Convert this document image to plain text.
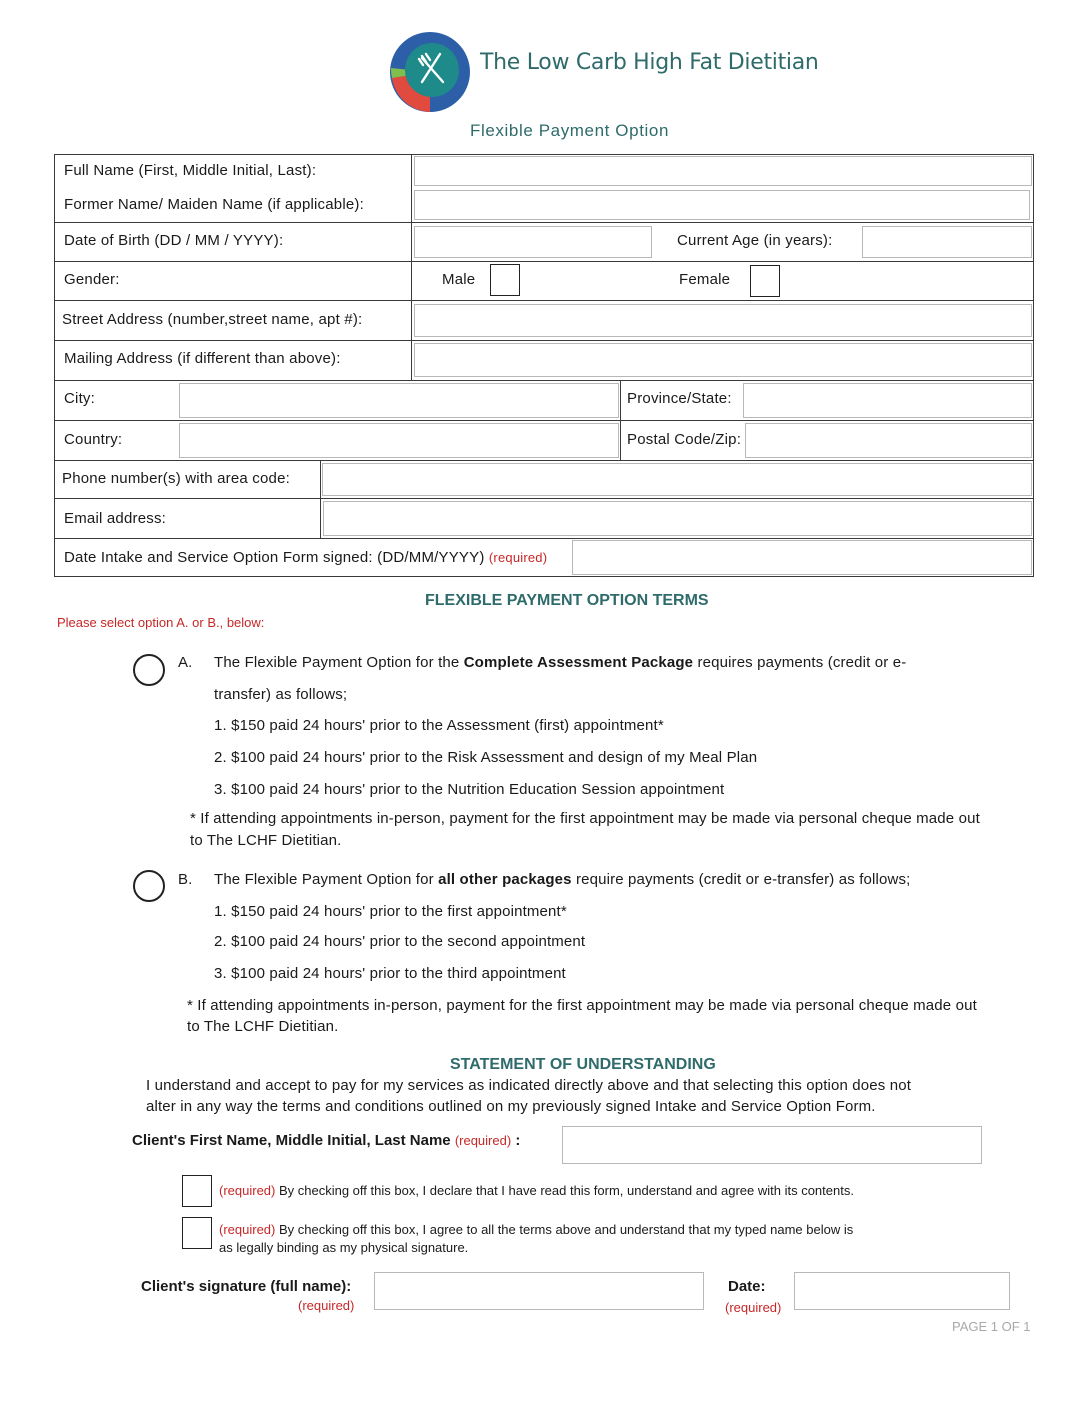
The Low Carb High Fat Dietitian
Flexible Payment Option
Full Name (First, Middle Initial, Last):
Former Name/ Maiden Name (if applicable):
Date of Birth (DD / MM / YYYY):	Current Age (in years):
Gender:	Male	Female
Street Address (number,street name, apt #):
Mailing Address (if different than above):
City:	Province/State:
Country:	Postal Code/Zip:
Phone number(s) with area code:
Email address:
Date Intake and Service Option Form signed: (DD/MM/YYYY) (required)
FLEXIBLE PAYMENT OPTION TERMS
Please select option A. or B., below:
A. The Flexible Payment Option for the Complete Assessment Package requires payments (credit or e-
transfer) as follows;
1. $150 paid 24 hours' prior to the Assessment (first) appointment*
2. $100 paid 24 hours' prior to the Risk Assessment and design of my Meal Plan
3. $100 paid 24 hours' prior to the Nutrition Education Session appointment
* If attending appointments in-person, payment for the first appointment may be made via personal cheque made out
to The LCHF Dietitian.
B. The Flexible Payment Option for all other packages require payments (credit or e-transfer) as follows;
1. $150 paid 24 hours' prior to the first appointment*
2. $100 paid 24 hours' prior to the second appointment
3. $100 paid 24 hours' prior to the third appointment
* If attending appointments in-person, payment for the first appointment may be made via personal cheque made out
to The LCHF Dietitian.
STATEMENT OF UNDERSTANDING
I understand and accept to pay for my services as indicated directly above and that selecting this option does not
alter in any way the terms and conditions outlined on my previously signed Intake and Service Option Form.
Client's First Name, Middle Initial, Last Name (required) :
(required) By checking off this box, I declare that I have read this form, understand and agree with its contents.
(required) By checking off this box, I agree to all the terms above and understand that my typed name below is
as legally binding as my physical signature.
Client's signature (full name):
(required)
Date:
(required)
PAGE 1 OF 1
